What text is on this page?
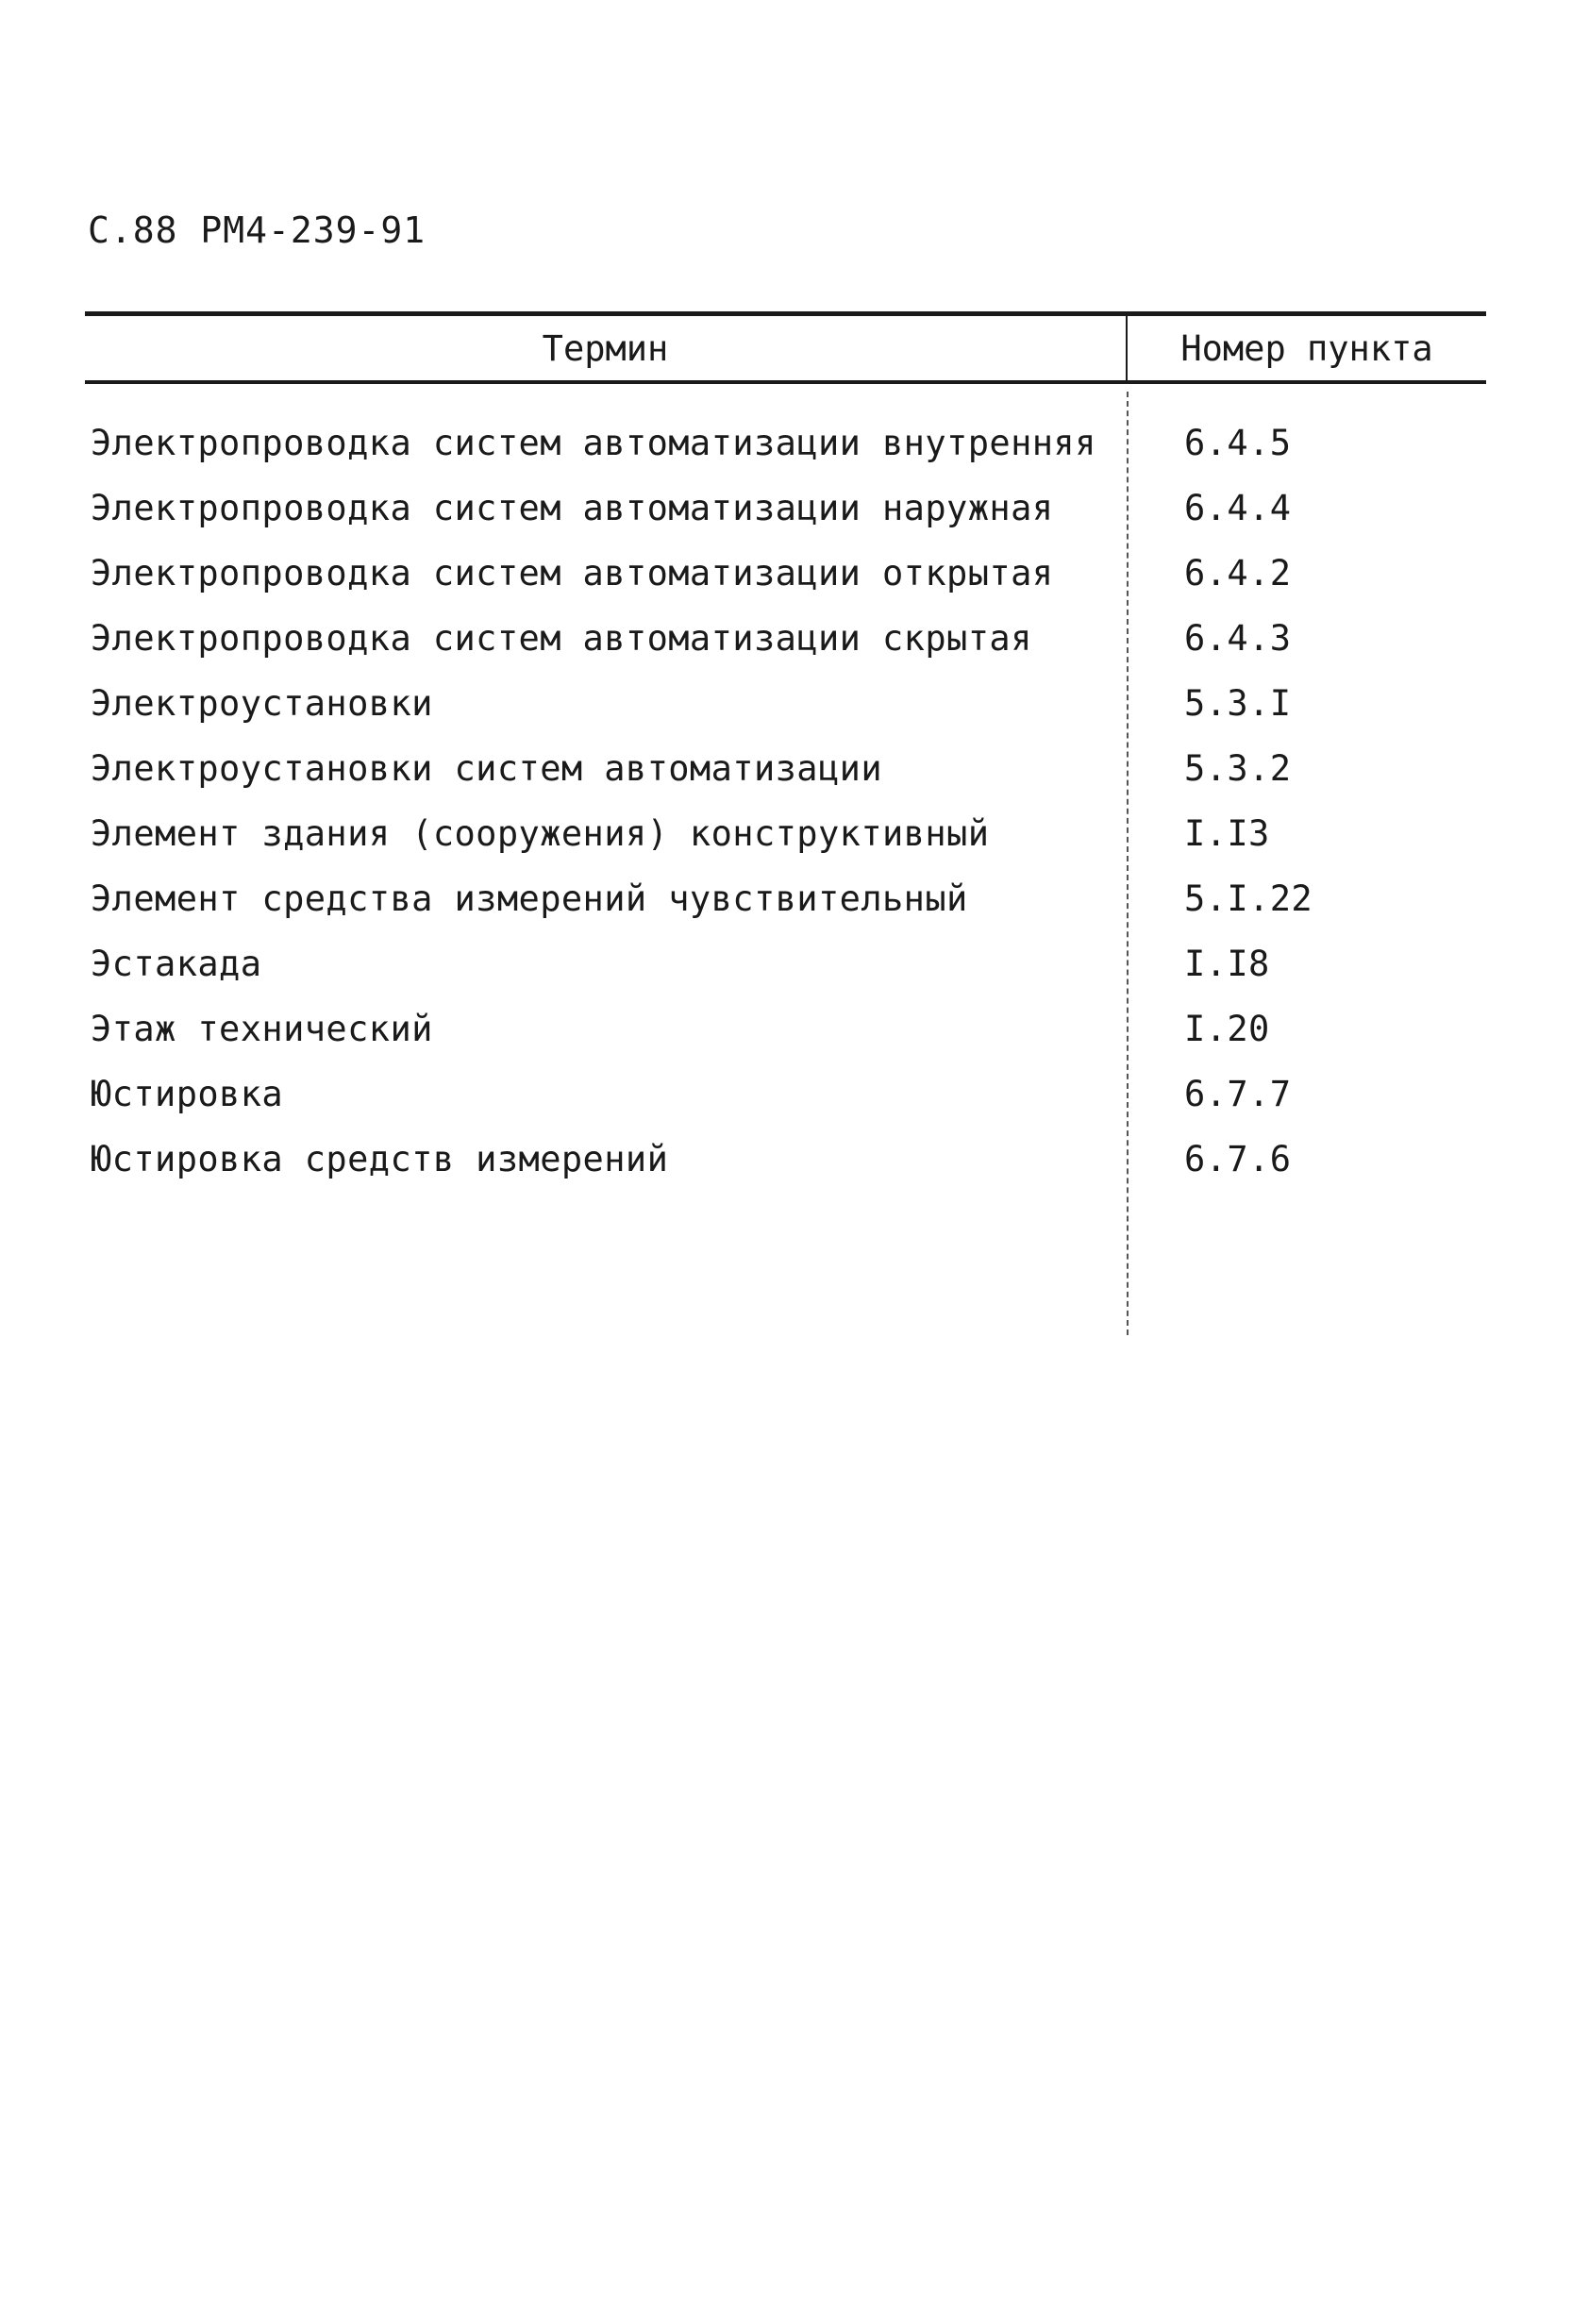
С.88 РМ4-239-91
Термин	Номер пункта
Электропроводка систем автоматизации внутренняя	6.4.5
Электропроводка систем автоматизации наружная	6.4.4
Электропроводка систем автоматизации открытая	6.4.2
Электропроводка систем автоматизации скрытая	6.4.3
Электроустановки	5.3.I
Электроустановки систем автоматизации	5.3.2
Элемент здания (сооружения) конструктивный	I.I3
Элемент средства измерений чувствительный	5.I.22
Эстакада	I.I8
Этаж технический	I.20
Юстировка	6.7.7
Юстировка средств измерений	6.7.6
